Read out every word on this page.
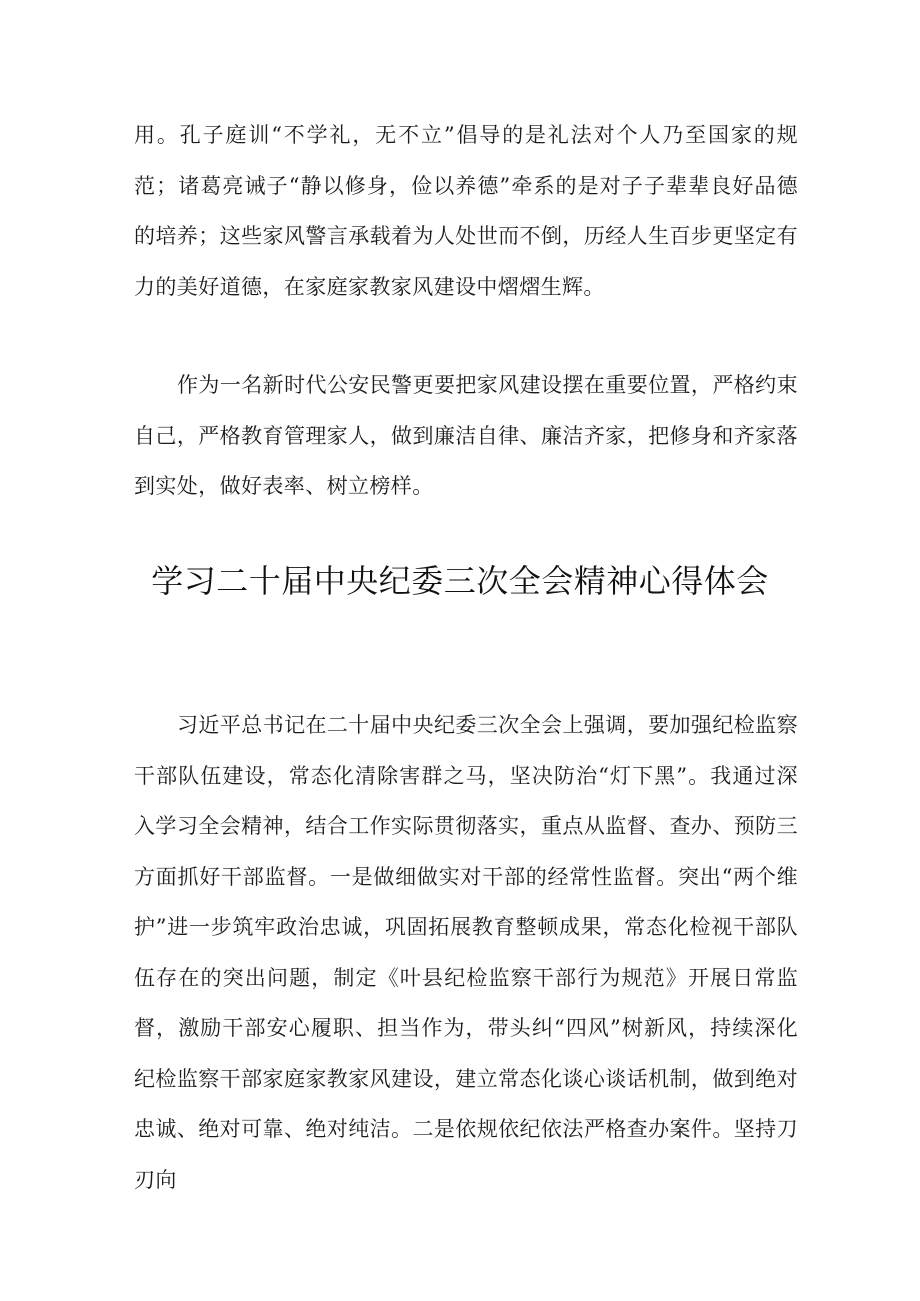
用。孔子庭训“不学礼，无不立”倡导的是礼法对个人乃至国家的规范；诸葛亮诫子“静以修身，俭以养德”牵系的是对子子辈辈良好品德的培养；这些家风警言承载着为人处世而不倒，历经人生百步更坚定有力的美好道德，在家庭家教家风建设中熠熠生辉。

作为一名新时代公安民警更要把家风建设摆在重要位置，严格约束自己，严格教育管理家人，做到廉洁自律、廉洁齐家，把修身和齐家落到实处，做好表率、树立榜样。

学习二十届中央纪委三次全会精神心得体会

习近平总书记在二十届中央纪委三次全会上强调，要加强纪检监察干部队伍建设，常态化清除害群之马，坚决防治“灯下黑”。我通过深入学习全会精神，结合工作实际贯彻落实，重点从监督、查办、预防三方面抓好干部监督。一是做细做实对干部的经常性监督。突出“两个维护”进一步筑牢政治忠诚，巩固拓展教育整顿成果，常态化检视干部队伍存在的突出问题，制定《叶县纪检监察干部行为规范》开展日常监督，激励干部安心履职、担当作为，带头纠“四风”树新风，持续深化纪检监察干部家庭家教家风建设，建立常态化谈心谈话机制，做到绝对忠诚、绝对可靠、绝对纯洁。二是依规依纪依法严格查办案件。坚持刀刃向
